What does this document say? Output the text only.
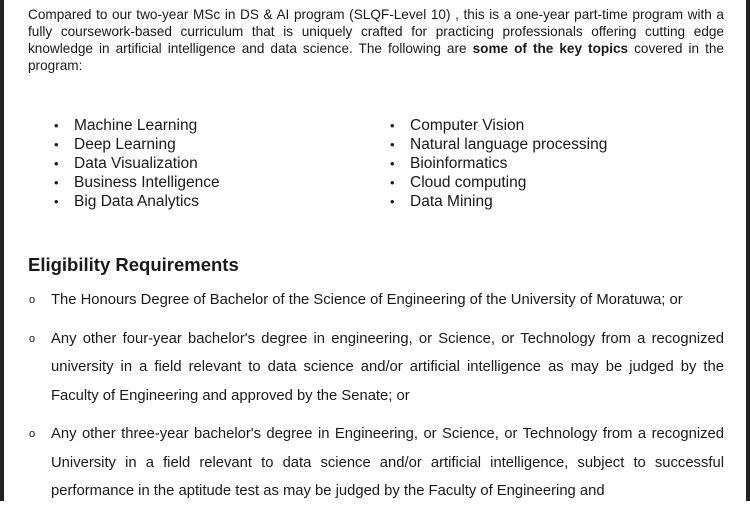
Compared to our two-year MSc in DS & AI program (SLQF-Level 10) , this is a one-year part-time program with a fully coursework-based curriculum that is uniquely crafted for practicing professionals offering cutting edge knowledge in artificial intelligence and data science. The following are some of the key topics covered in the program:

• Machine Learning
• Deep Learning
• Data Visualization
• Business Intelligence
• Big Data Analytics
• Computer Vision
• Natural language processing
• Bioinformatics
• Cloud computing
• Data Mining
Eligibility Requirements
o The Honours Degree of Bachelor of the Science of Engineering of the University of Moratuwa; or
o Any other four-year bachelor's degree in engineering, or Science, or Technology from a recognized university in a field relevant to data science and/or artificial intelligence as may be judged by the Faculty of Engineering and approved by the Senate; or
o Any other three-year bachelor's degree in Engineering, or Science, or Technology from a recognized University in a field relevant to data science and/or artificial intelligence, subject to successful performance in the aptitude test as may be judged by the Faculty of Engineering and
